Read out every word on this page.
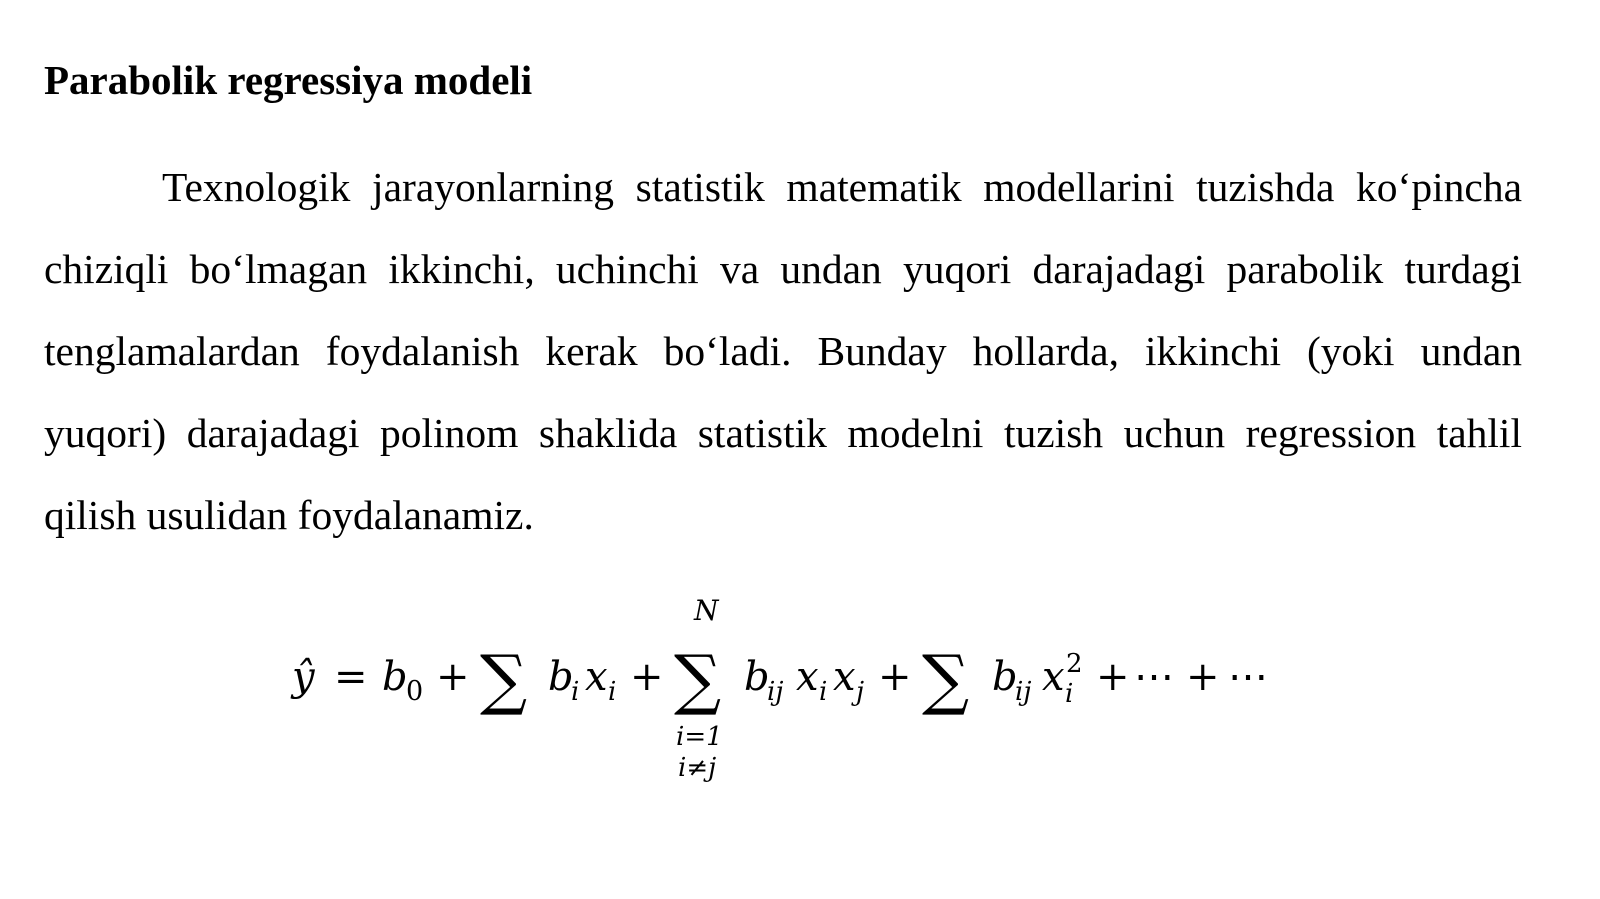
Parabolik regressiya modeli

Texnologik jarayonlarning statistik matematik modellarini tuzishda ko‘pincha chiziqli bo‘lmagan ikkinchi, uchinchi va undan yuqori darajadagi parabolik turdagi tenglamalardan foydalanish kerak bo‘ladi. Bunday hollarda, ikkinchi (yoki undan yuqori) darajadagi polinom shaklida statistik modelni tuzish uchun regression tahlil qilish usulidan foydalanamiz.

ŷ = b
0 + ∑ b
i x i +
N
∑
i=1
i≠j
b
ij x i x j + ∑ b
ij x 2
i + ⋯ + ⋯
